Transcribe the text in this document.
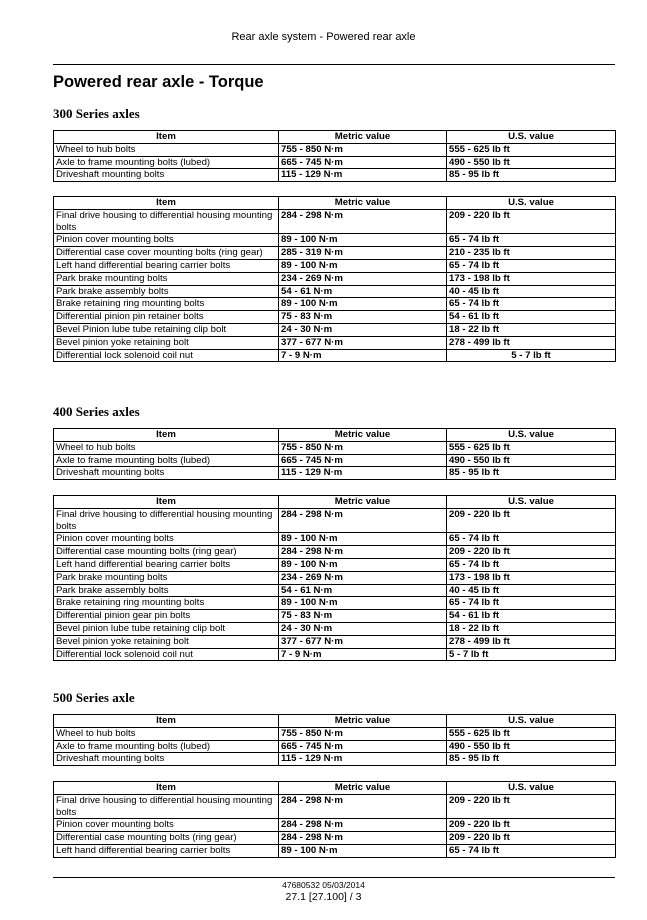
Rear axle system - Powered rear axle
Powered rear axle - Torque
300 Series axles
Item	Metric value	U.S. value
Wheel to hub bolts	755 - 850 N·m	555 - 625 lb ft
Axle to frame mounting bolts (lubed)	665 - 745 N·m	490 - 550 lb ft
Driveshaft mounting bolts	115 - 129 N·m	85 - 95 lb ft
Item	Metric value	U.S. value
Final drive housing to differential housing mounting bolts	284 - 298 N·m	209 - 220 lb ft
Pinion cover mounting bolts	89 - 100 N·m	65 - 74 lb ft
Differential case cover mounting bolts (ring gear)	285 - 319 N·m	210 - 235 lb ft
Left hand differential bearing carrier bolts	89 - 100 N·m	65 - 74 lb ft
Park brake mounting bolts	234 - 269 N·m	173 - 198 lb ft
Park brake assembly bolts	54 - 61 N·m	40 - 45 lb ft
Brake retaining ring mounting bolts	89 - 100 N·m	65 - 74 lb ft
Differential pinion pin retainer bolts	75 - 83 N·m	54 - 61 lb ft
Bevel Pinion lube tube retaining clip bolt	24 - 30 N·m	18 - 22 lb ft
Bevel pinion yoke retaining bolt	377 - 677 N·m	278 - 499 lb ft
Differential lock solenoid coil nut	7 - 9 N·m	5 - 7 lb ft
400 Series axles
Item	Metric value	U.S. value
Wheel to hub bolts	755 - 850 N·m	555 - 625 lb ft
Axle to frame mounting bolts (lubed)	665 - 745 N·m	490 - 550 lb ft
Driveshaft mounting bolts	115 - 129 N·m	85 - 95 lb ft
Item	Metric value	U.S. value
Final drive housing to differential housing mounting bolts	284 - 298 N·m	209 - 220 lb ft
Pinion cover mounting bolts	89 - 100 N·m	65 - 74 lb ft
Differential case mounting bolts (ring gear)	284 - 298 N·m	209 - 220 lb ft
Left hand differential bearing carrier bolts	89 - 100 N·m	65 - 74 lb ft
Park brake mounting bolts	234 - 269 N·m	173 - 198 lb ft
Park brake assembly bolts	54 - 61 N·m	40 - 45 lb ft
Brake retaining ring mounting bolts	89 - 100 N·m	65 - 74 lb ft
Differential pinion gear pin bolts	75 - 83 N·m	54 - 61 lb ft
Bevel pinion lube tube retaining clip bolt	24 - 30 N·m	18 - 22 lb ft
Bevel pinion yoke retaining bolt	377 - 677 N·m	278 - 499 lb ft
Differential lock solenoid coil nut	7 - 9 N·m	5 - 7 lb ft
500 Series axle
Item	Metric value	U.S. value
Wheel to hub bolts	755 - 850 N·m	555 - 625 lb ft
Axle to frame mounting bolts (lubed)	665 - 745 N·m	490 - 550 lb ft
Driveshaft mounting bolts	115 - 129 N·m	85 - 95 lb ft
Item	Metric value	U.S. value
Final drive housing to differential housing mounting bolts	284 - 298 N·m	209 - 220 lb ft
Pinion cover mounting bolts	284 - 298 N·m	209 - 220 lb ft
Differential case mounting bolts (ring gear)	284 - 298 N·m	209 - 220 lb ft
Left hand differential bearing carrier bolts	89 - 100 N·m	65 - 74 lb ft
47680532 05/03/2014
27.1 [27.100] / 3
